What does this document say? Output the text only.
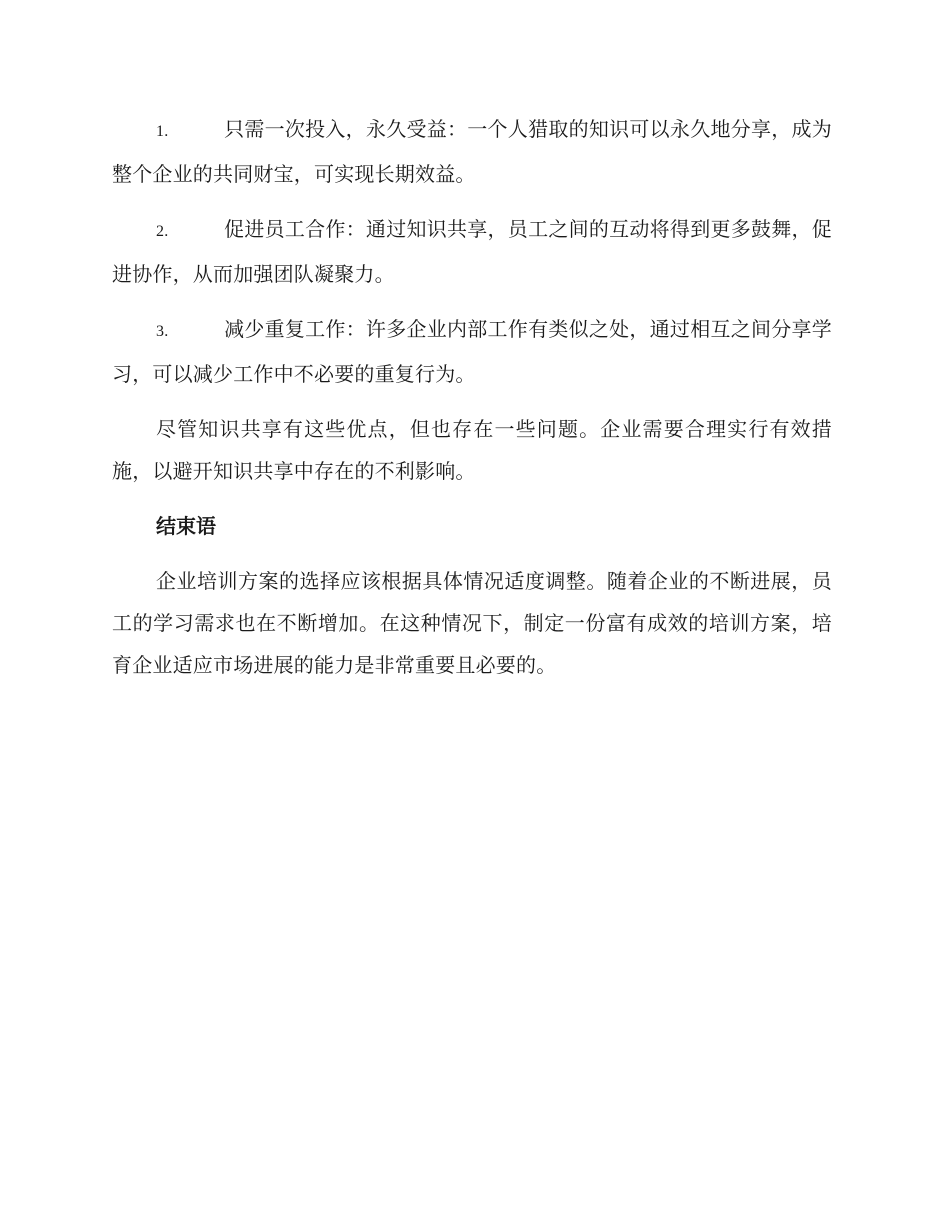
1.	只需一次投入，永久受益：一个人猎取的知识可以永久地分享，成为整个企业的共同财宝，可实现长期效益。

2.	促进员工合作：通过知识共享，员工之间的互动将得到更多鼓舞，促进协作，从而加强团队凝聚力。

3.	减少重复工作：许多企业内部工作有类似之处，通过相互之间分享学习，可以减少工作中不必要的重复行为。

尽管知识共享有这些优点，但也存在一些问题。企业需要合理实行有效措施，以避开知识共享中存在的不利影响。

结束语

企业培训方案的选择应该根据具体情况适度调整。随着企业的不断进展，员工的学习需求也在不断增加。在这种情况下，制定一份富有成效的培训方案，培育企业适应市场进展的能力是非常重要且必要的。
